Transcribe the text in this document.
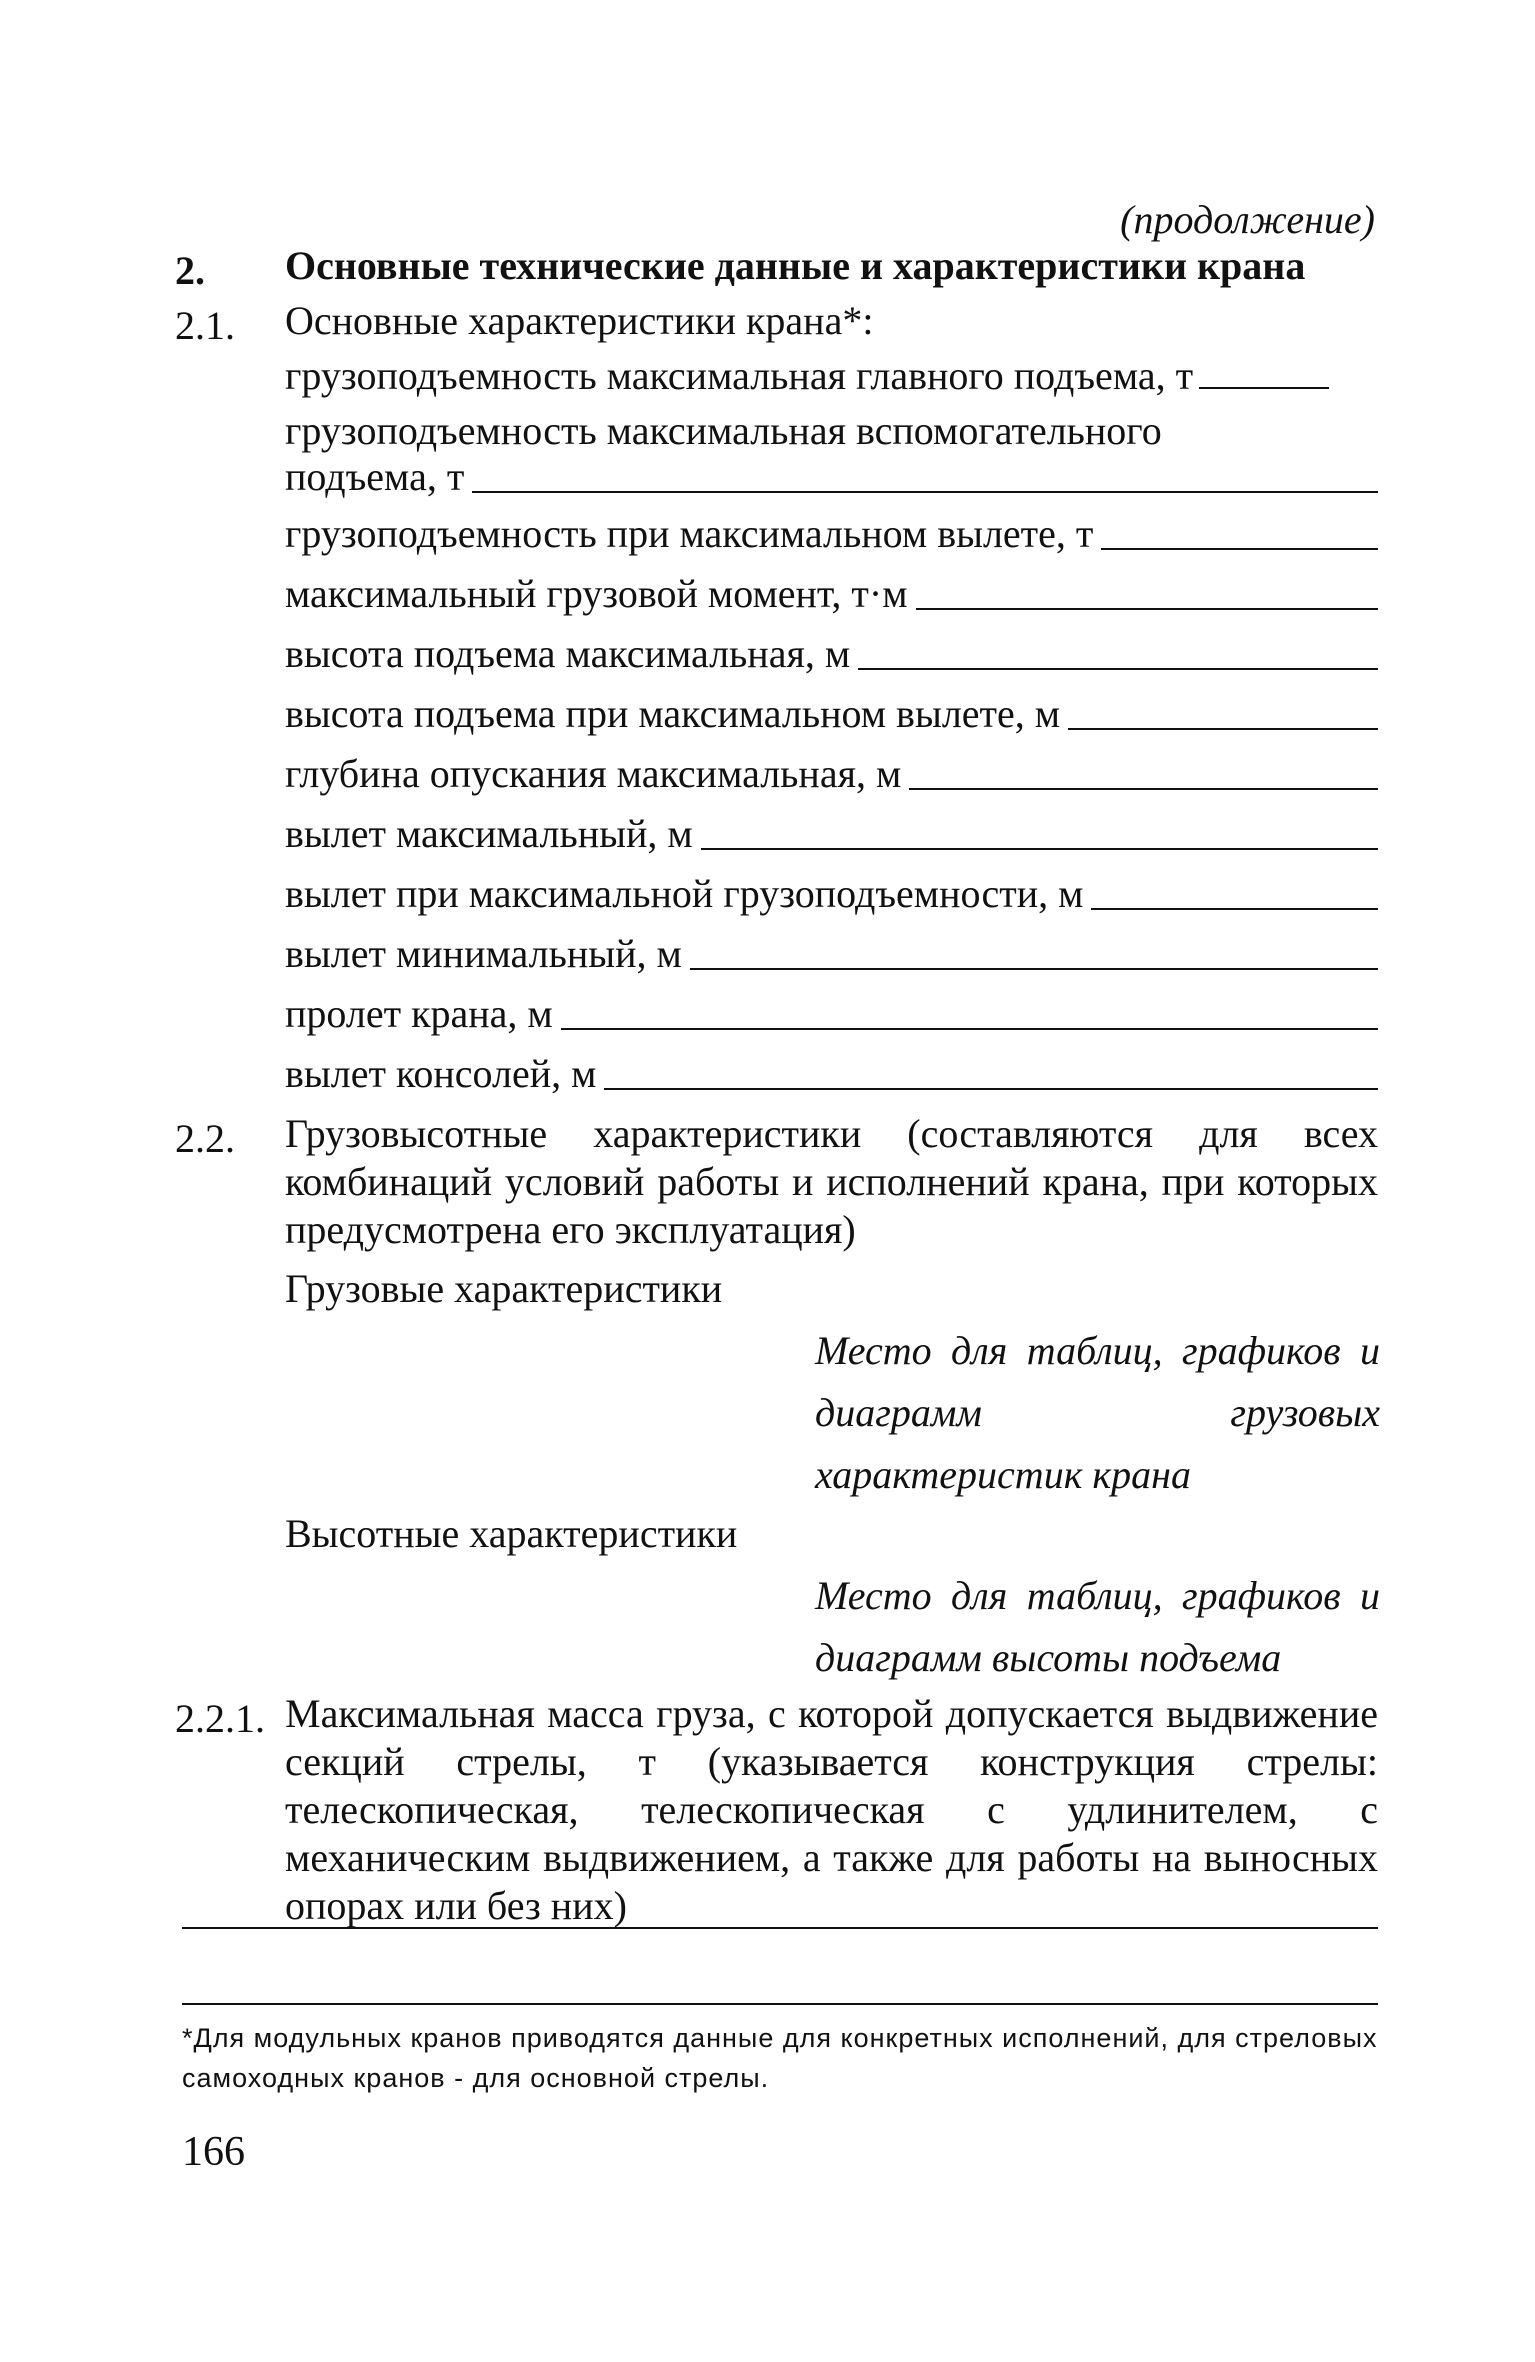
(продолжение)
2. Основные технические данные и характеристики крана
2.1. Основные характеристики крана*:
грузоподъемность максимальная главного подъема, т
грузоподъемность максимальная вспомогательного
подъема, т
грузоподъемность при максимальном вылете, т
максимальный грузовой момент, т·м
высота подъема максимальная, м
высота подъема при максимальном вылете, м
глубина опускания максимальная, м
вылет максимальный, м
вылет при максимальной грузоподъемности, м
вылет минимальный, м
пролет крана, м
вылет консолей, м
2.2. Грузовысотные характеристики (составляются для всех комбинаций условий работы и исполнений крана, при которых предусмотрена его эксплуатация)
Грузовые характеристики
Место для таблиц, графиков и диаграмм грузовых характеристик крана
Высотные характеристики
Место для таблиц, графиков и диаграмм высоты подъема
2.2.1. Максимальная масса груза, с которой допускается выдвижение секций стрелы, т (указывается конструкция стрелы: телескопическая, телескопическая с удлинителем, с механическим выдвижением, а также для работы на выносных опорах или без них)
*Для модульных кранов приводятся данные для конкретных исполнений, для стреловых самоходных кранов - для основной стрелы.
166
